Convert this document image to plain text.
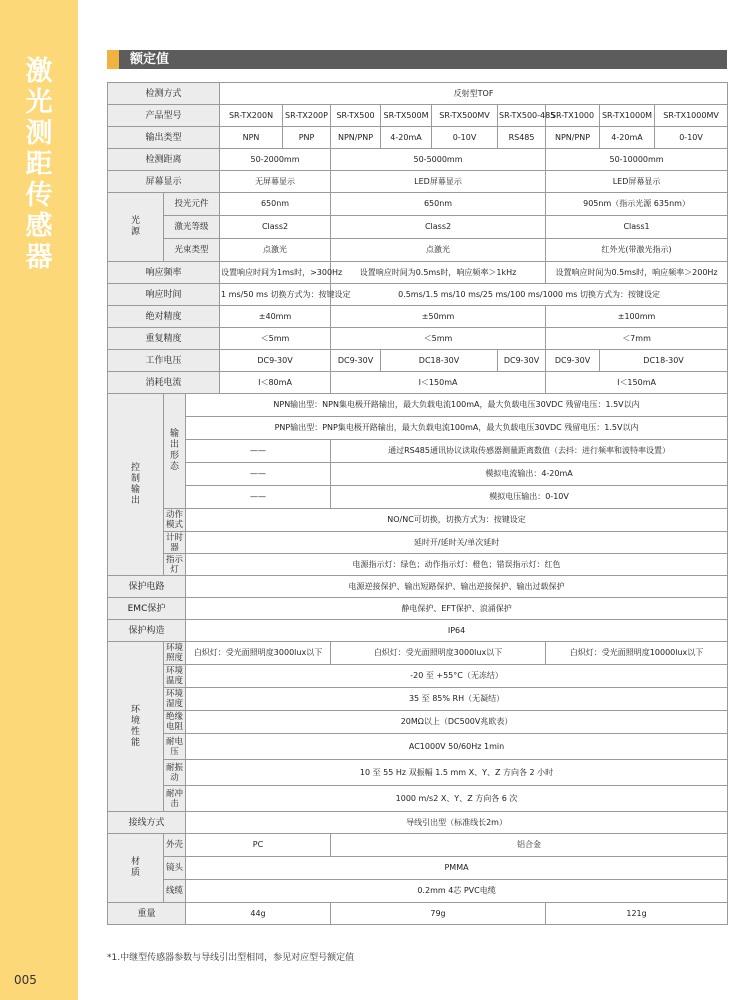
激光测距传感器
005
额定值
检测方式			反射型TOF									
产品型号			SR-TX200N	SR-TX200P	SR-TX500	SR-TX500M	SR-TX500MV	SR-TX500-485	SR-TX1000	SR-TX1000M	SR-TX1000MV	
输出类型			NPN	PNP	NPN/PNP	4-20mA	0-10V	RS485	NPN/PNP	4-20mA	0-10V	
检测距离			50-2000mm		50-5000mm				50-10000mm			
屏幕显示			无屏幕显示		LED屏幕显示				LED屏幕显示			
光源	投光元件		650nm		650nm				905nm（指示光源 635nm）			
	激光等级		Class2		Class2				Class1			
	光束类型		点激光		点激光				红外光(带激光指示)			
响应频率			设置响应时间为1ms时，>300Hz		设置响应时间为0.5ms时，响应频率＞1kHz				设置响应时间为0.5ms时，响应频率＞200Hz			
响应时间			1 ms/50 ms 切换方式为：按键设定		0.5ms/1.5 ms/10 ms/25 ms/100 ms/1000 ms 切换方式为：按键设定							
绝对精度			±40mm		±50mm				±100mm			
重复精度			＜5mm		＜5mm				＜7mm			
工作电压			DC9-30V		DC9-30V	DC18-30V		DC9-30V	DC9-30V	DC18-30V	
消耗电流			I＜80mA		I＜150mA				I＜150mA			
控制输出	输出形态	NPN输出型：NPN集电极开路输出，最大负载电流100mA，最大负载电压30VDC 残留电压：1.5V以内										
		PNP输出型：PNP集电极开路输出，最大负载电流100mA，最大负载电压30VDC 残留电压：1.5V以内										
		——			通过RS485通讯协议读取传感器测量距离数值（去抖：进行频率和波特率设置）							
		——			模拟电流输出：4-20mA							
		——			模拟电压输出：0-10V							

	动作模式	NO/NC可切换，切换方式为：按键设定										
	计时器	延时开/延时关/单次延时										
	指示灯	电源指示灯：绿色；动作指示灯：橙色；错误指示灯：红色										
保护电路		电源逆接保护、输出短路保护、输出逆接保护、输出过载保护										
EMC保护		静电保护、EFT保护、浪涌保护										
保护构造		IP64										
环境性能	环境照度	白炽灯：受光面照明度3000lux以下			白炽灯：受光面照明度3000lux以下				白炽灯：受光面照明度10000lux以下			
	环境温度	-20 至 +55°C（无冻结）										
	环境湿度	35 至 85% RH（无凝结）										
	绝缘电阻	20MΩ以上（DC500V兆欧表）										
	耐电压	AC1000V 50/60Hz 1min										
	耐振动	10 至 55 Hz 双振幅 1.5 mm X、Y、Z 方向各 2 小时										
	耐冲击	1000 m/s2 X、Y、Z 方向各 6 次										
接线方式		导线引出型（标准线长2m）										
材质	外壳	PC			铝合金							
	镜头	PMMA										
	线缆	0.2mm 4芯 PVC电缆										
重量		44g			79g				121g			
*1.中继型传感器参数与导线引出型相同，参见对应型号额定值
